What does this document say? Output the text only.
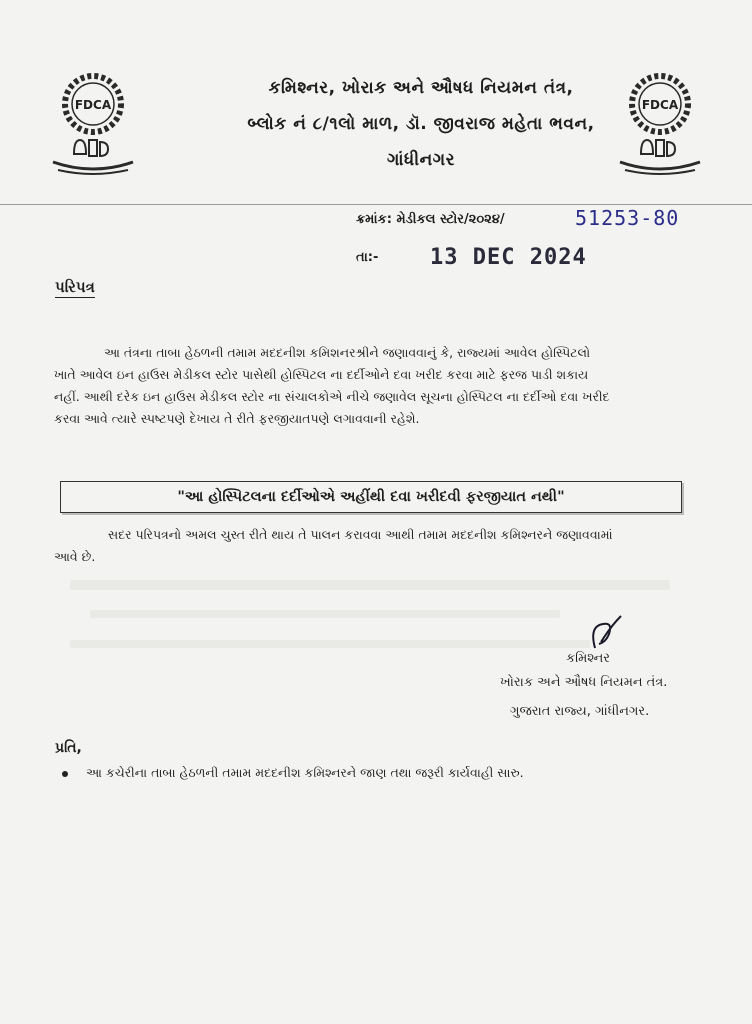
FDCA	FDCA
કમિશ્નર, ખોરાક અને ઔષધ નિયમન તંત્ર,
બ્લોક નં ૮/૧લો માળ, ડૉ. જીવરાજ મહેતા ભવન,
ગાંધીનગર
ક્રમાંક: મેડીકલ સ્ટોર/૨૦૨૪/	51253-80
તા:- 13 DEC 2024
પરિપત્ર
આ તંત્રના તાબા હેઠળની તમામ મદદનીશ કમિશનરશ્રીને જણાવવાનું કે, રાજ્યમાં આવેલ હોસ્પિટલો
ખાતે આવેલ ઇન હાઉસ મેડીકલ સ્ટોર પાસેથી હોસ્પિટલ ના દર્દીઓને દવા ખરીદ કરવા માટે ફરજ પાડી શકાય
નહીં. આથી દરેક ઇન હાઉસ મેડીકલ સ્ટોર ના સંચાલકોએ નીચે જણાવેલ સૂચના હોસ્પિટલ ના દર્દીઓ દવા ખરીદ
કરવા આવે ત્યારે સ્પષ્ટપણે દેખાય તે રીતે ફરજીયાતપણે લગાવવાની રહેશે.
"આ હોસ્પિટલના દર્દીઓએ અહીંથી દવા ખરીદવી ફરજીયાત નથી"
સદર પરિપત્રનો અમલ ચુસ્ત રીતે થાય તે પાલન કરાવવા આથી તમામ મદદનીશ કમિશ્નરને જણાવવામાં
આવે છે.
કમિશ્નર
ખોરાક અને ઔષધ નિયમન તંત્ર.
ગુજરાત રાજ્ય, ગાંધીનગર.
પ્રતિ,
આ કચેરીના તાબા હેઠળની તમામ મદદનીશ કમિશ્નરને જાણ તથા જરૂરી કાર્યવાહી સારુ.
